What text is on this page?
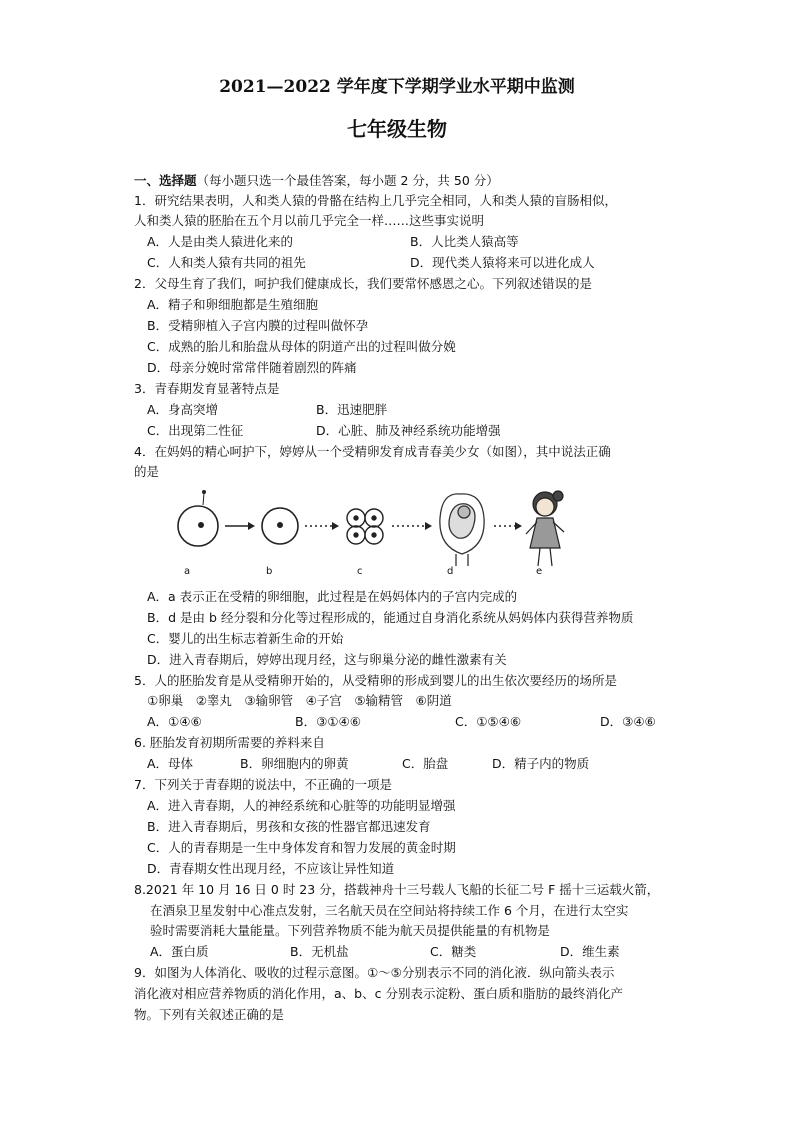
2021—2022 学年度下学期学业水平期中监测
七年级生物
一、选择题（每小题只选一个最佳答案，每小题 2 分，共 50 分）
1．研究结果表明，人和类人猿的骨骼在结构上几乎完全相同，人和类人猿的盲肠相似，
人和类人猿的胚胎在五个月以前几乎完全一样……这些事实说明
A．人是由类人猿进化来的	B．人比类人猿高等
C．人和类人猿有共同的祖先	D．现代类人猿将来可以进化成人
2．父母生育了我们，呵护我们健康成长，我们要常怀感恩之心。下列叙述错误的是
A．精子和卵细胞都是生殖细胞
B．受精卵植入子宫内膜的过程叫做怀孕
C．成熟的胎儿和胎盘从母体的阴道产出的过程叫做分娩
D．母亲分娩时常常伴随着剧烈的阵痛
3．青春期发育显著特点是
A．身高突增	B．迅速肥胖
C．出现第二性征	D．心脏、肺及神经系统功能增强
4．在妈妈的精心呵护下，婷婷从一个受精卵发育成青春美少女（如图），其中说法正确
的是
a	b	c	d	e
A．a 表示正在受精的卵细胞，此过程是在妈妈体内的子宫内完成的
B．d 是由 b 经分裂和分化等过程形成的，能通过自身消化系统从妈妈体内获得营养物质
C．婴儿的出生标志着新生命的开始
D．进入青春期后，婷婷出现月经，这与卵巢分泌的雌性激素有关
5．人的胚胎发育是从受精卵开始的，从受精卵的形成到婴儿的出生依次要经历的场所是
①卵巢　②睾丸　③输卵管　④子宫　⑤输精管　⑥阴道
A．①④⑥	B．③①④⑥	C．①⑤④⑥	D．③④⑥
6. 胚胎发育初期所需要的养料来自
A．母体	B．卵细胞内的卵黄	C．胎盘	D．精子内的物质
7．下列关于青春期的说法中，不正确的一项是
A．进入青春期，人的神经系统和心脏等的功能明显增强
B．进入青春期后，男孩和女孩的性器官都迅速发育
C．人的青春期是一生中身体发育和智力发展的黄金时期
D．青春期女性出现月经，不应该让异性知道
8.2021 年 10 月 16 日 0 时 23 分，搭载神舟十三号载人飞船的长征二号 F 摇十三运载火箭，
在酒泉卫星发射中心准点发射，三名航天员在空间站将持续工作 6 个月，在进行太空实
验时需要消耗大量能量。下列营养物质不能为航天员提供能量的有机物是
A．蛋白质	B．无机盐	C．糖类	D．维生素
9．如图为人体消化、吸收的过程示意图。①～⑤分别表示不同的消化液．纵向箭头表示
消化液对相应营养物质的消化作用，a、b、c 分别表示淀粉、蛋白质和脂肪的最终消化产
物。下列有关叙述正确的是
